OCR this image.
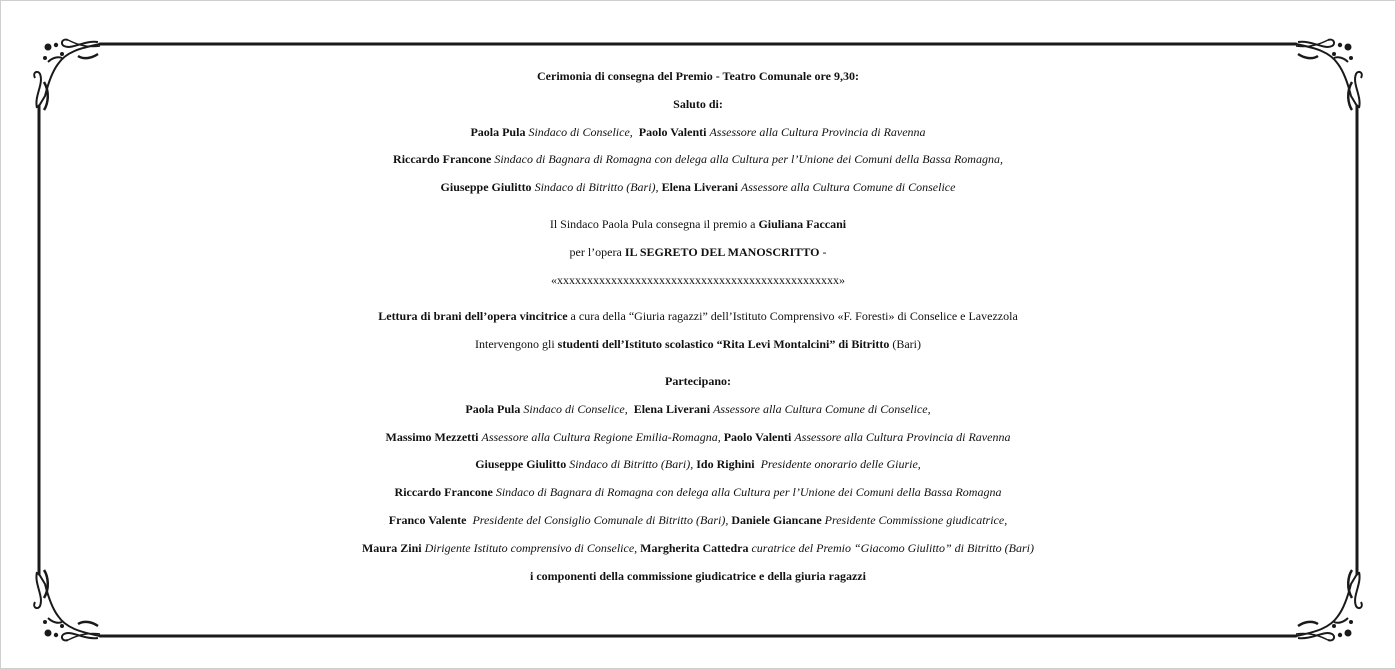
Cerimonia di consegna del Premio - Teatro Comunale ore 9,30:
Saluto di:
Paola Pula Sindaco di Conselice, Paolo Valenti Assessore alla Cultura Provincia di Ravenna
Riccardo Francone Sindaco di Bagnara di Romagna con delega alla Cultura per l’Unione dei Comuni della Bassa Romagna,
Giuseppe Giulitto Sindaco di Bitritto (Bari), Elena Liverani Assessore alla Cultura Comune di Conselice
Il Sindaco Paola Pula consegna il premio a Giuliana Faccani
per l’opera IL SEGRETO DEL MANOSCRITTO -
«xxxxxxxxxxxxxxxxxxxxxxxxxxxxxxxxxxxxxxxxxxxxxxx»
Lettura di brani dell’opera vincitrice a cura della “Giuria ragazzi” dell’Istituto Comprensivo «F. Foresti» di Conselice e Lavezzola
Intervengono gli studenti dell’Istituto scolastico “Rita Levi Montalcini” di Bitritto (Bari)
Partecipano:
Paola Pula Sindaco di Conselice, Elena Liverani Assessore alla Cultura Comune di Conselice,
Massimo Mezzetti Assessore alla Cultura Regione Emilia-Romagna, Paolo Valenti Assessore alla Cultura Provincia di Ravenna
Giuseppe Giulitto Sindaco di Bitritto (Bari), Ido Righini Presidente onorario delle Giurie,
Riccardo Francone Sindaco di Bagnara di Romagna con delega alla Cultura per l’Unione dei Comuni della Bassa Romagna
Franco Valente Presidente del Consiglio Comunale di Bitritto (Bari), Daniele Giancane Presidente Commissione giudicatrice,
Maura Zini Dirigente Istituto comprensivo di Conselice, Margherita Cattedra curatrice del Premio “Giacomo Giulitto” di Bitritto (Bari)
i componenti della commissione giudicatrice e della giuria ragazzi
